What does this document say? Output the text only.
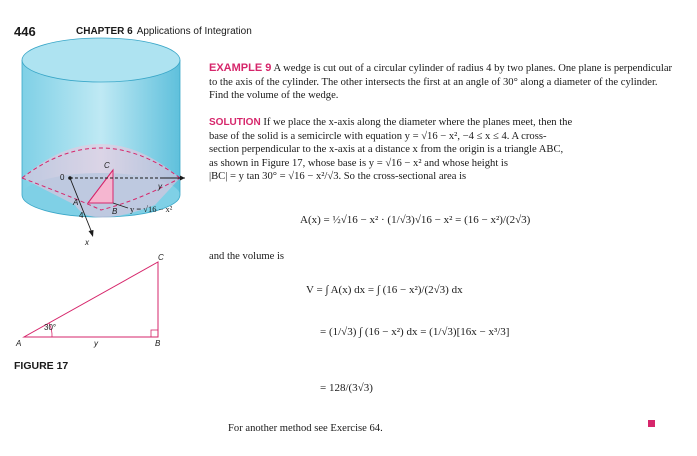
446	CHAPTER 6 Applications of Integration
0
C
A
B
4
x
y
y = √16 − x²
C
A	B
30°
y
FIGURE 17
EXAMPLE 9 A wedge is cut out of a circular cylinder of radius 4 by two planes. One plane is perpendicular to the axis of the cylinder. The other intersects the first at an angle of 30° along a diameter of the cylinder. Find the volume of the wedge.
SOLUTION If we place the x-axis along the diameter where the planes meet, then the
base of the solid is a semicircle with equation y = √16 − x², −4 ≤ x ≤ 4. A cross-
section perpendicular to the x-axis at a distance x from the origin is a triangle ABC,
as shown in Figure 17, whose base is y = √16 − x² and whose height is
|BC| = y tan 30° = √16 − x²/√3. So the cross-sectional area is
A(x) = ½√16 − x² · (1/√3)√16 − x² = (16 − x²)/(2√3)
and the volume is
V = ∫ A(x) dx = ∫ (16 − x²)/(2√3) dx
= (1/√3) ∫ (16 − x²) dx = (1/√3)[16x − x³/3]
= 128/(3√3)
For another method see Exercise 64.
